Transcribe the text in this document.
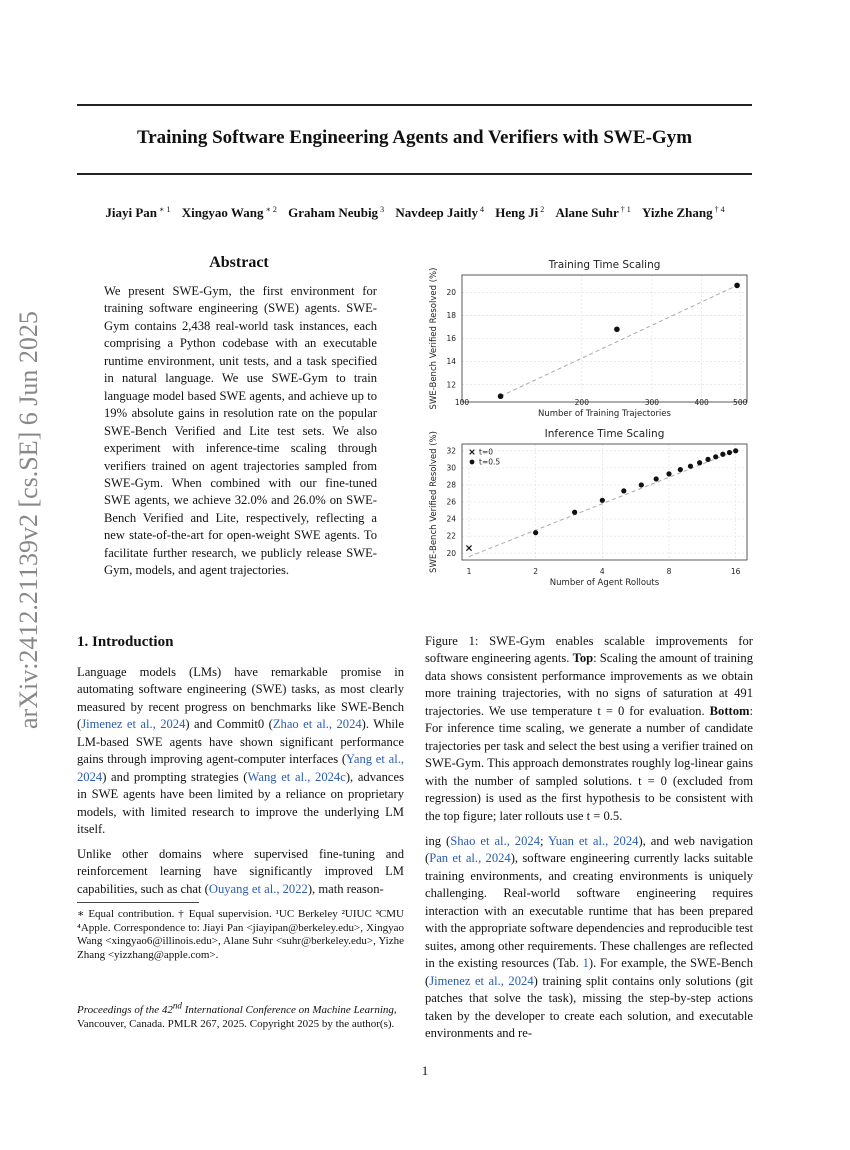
Training Software Engineering Agents and Verifiers with SWE-Gym
Jiayi Pan $^{∗ 1}$ Xingyao Wang $^{∗ 2}$ Graham Neubig $^3$ Navdeep Jaitly $^4$ Heng Ji $^2$ Alane Suhr $^{\dagger 1}$ Yizhe Zhang $^{\dagger 4}$
arXiv:2412.21139v2 [cs.SE] 6 Jun 2025
Abstract
We present SWE-Gym, the first environment for training software engineering (SWE) agents. SWE-Gym contains 2,438 real-world task instances, each comprising a Python codebase with an executable runtime environment, unit tests, and a task specified in natural language. We use SWE-Gym to train language model based SWE agents, and achieve up to 19% absolute gains in resolution rate on the popular SWE-Bench Verified and Lite test sets. We also experiment with inference-time scaling through verifiers trained on agent trajectories sampled from SWE-Gym. When combined with our fine-tuned SWE agents, we achieve 32.0% and 26.0% on SWE-Bench Verified and Lite, respectively, reflecting a new state-of-the-art for open-weight SWE agents. To facilitate further research, we publicly release SWE-Gym, models, and agent trajectories.
1. Introduction
Language models (LMs) have remarkable promise in automating software engineering (SWE) tasks, as most clearly measured by recent progress on benchmarks like SWE-Bench (Jimenez et al., 2024) and Commit0 (Zhao et al., 2024). While LM-based SWE agents have shown significant performance gains through improving agent-computer interfaces (Yang et al., 2024) and prompting strategies (Wang et al., 2024c), advances in SWE agents have been limited by a reliance on proprietary models, with limited research to improve the underlying LM itself.
Unlike other domains where supervised fine-tuning and reinforcement learning have significantly improved LM capabilities, such as chat (Ouyang et al., 2022), math reason-
∗ Equal contribution. † Equal supervision. ¹UC Berkeley ²UIUC ³CMU ⁴Apple. Correspondence to: Jiayi Pan <jiayipan@berkeley.edu>, Xingyao Wang <xingyao6@illinois.edu>, Alane Suhr <suhr@berkeley.edu>, Yizhe Zhang <yizzhang@apple.com>.
Proceedings of the 42nd International Conference on Machine Learning, Vancouver, Canada. PMLR 267, 2025. Copyright 2025 by the author(s).
Training Time Scaling
100	200	300	400	500
12
14
16
18
20
Number of Training Trajectories
SWE-Bench Verified Resolved (%)
Inference Time Scaling
1	2	4	8	16
20
22
24
26
28
30
32
Number of Agent Rollouts
SWE-Bench Verified Resolved (%)	t=0
t=0.5
Figure 1: SWE-Gym enables scalable improvements for software engineering agents. Top: Scaling the amount of training data shows consistent performance improvements as we obtain more training trajectories, with no signs of saturation at 491 trajectories. We use temperature t = 0 for evaluation. Bottom: For inference time scaling, we generate a number of candidate trajectories per task and select the best using a verifier trained on SWE-Gym. This approach demonstrates roughly log-linear gains with the number of sampled solutions. t = 0 (excluded from regression) is used as the first hypothesis to be consistent with the top figure; later rollouts use t = 0.5.
ing (Shao et al., 2024; Yuan et al., 2024), and web navigation (Pan et al., 2024), software engineering currently lacks suitable training environments, and creating environments is uniquely challenging. Real-world software engineering requires interaction with an executable runtime that has been prepared with the appropriate software dependencies and reproducible test suites, among other requirements. These challenges are reflected in the existing resources (Tab. 1). For example, the SWE-Bench (Jimenez et al., 2024) training split contains only solutions (git patches that solve the task), missing the step-by-step actions taken by the developer to create each solution, and executable environments and re-
1
